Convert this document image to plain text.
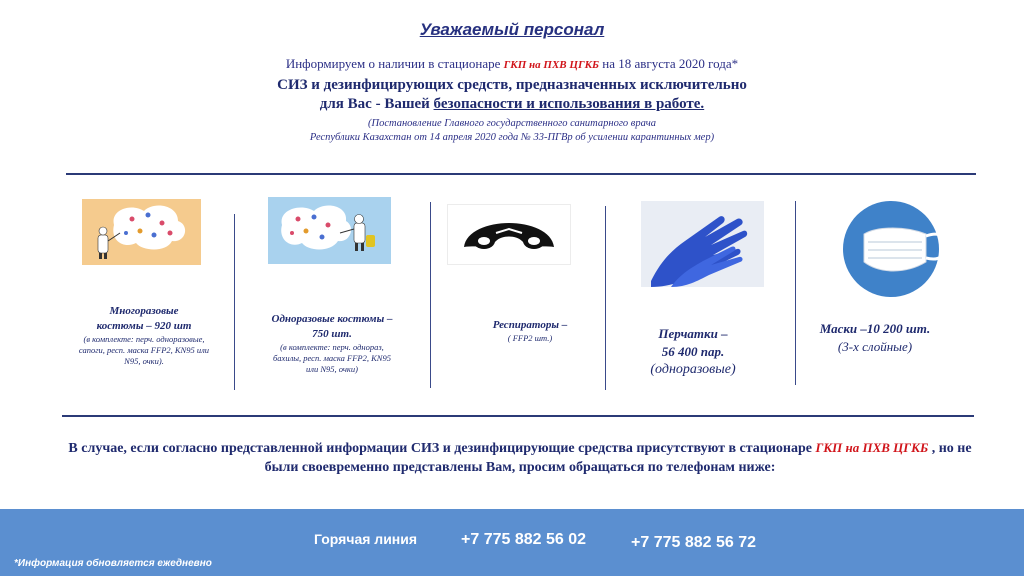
Уважаемый персонал
Информируем о наличии в стационаре ГКП на ПХВ ЦГКБ на 18 августа 2020 года*
СИЗ и дезинфицирующих средств, предназначенных исключительно
для Вас - Вашей безопасности и использования в работе.
(Постановление Главного государственного санитарного врача
Республики Казахстан от 14 апреля 2020 года № 33-ПГВр об усилении карантинных мер)
Многоразовые
костюмы – 920 шт
(в комплекте: перч. одноразовые, сапоги, респ. маска FFP2, KN95 или N95, очки).
Одноразовые костюмы –
750 шт.
(в комплекте: перч. однораз, бахилы, респ. маска FFP2, KN95 или N95, очки)
Респираторы –
( FFP2 шт.)	Перчатки –
56 400 пар.
(одноразовые)
Маски –10 200 шт.
(3-х слойные)
В случае, если согласно представленной информации СИЗ и дезинфицирующие средства присутствуют в стационаре ГКП на ПХВ ЦГКБ , но не были своевременно представлены Вам, просим обращаться по телефонам ниже:
Горячая линия	+7 775 882 56 02	+7 775 882 56 72
*Информация обновляется ежедневно
